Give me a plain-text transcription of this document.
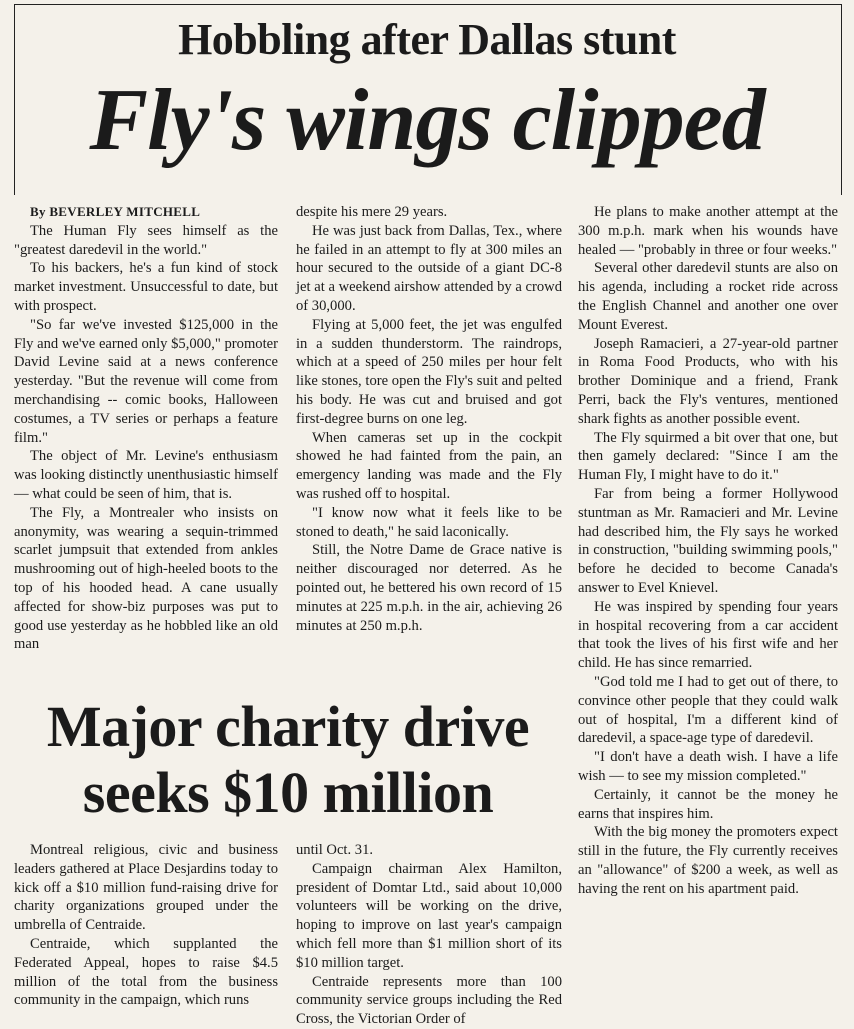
Hobbling after Dallas stunt
Fly's wings clipped

By BEVERLEY MITCHELL

The Human Fly sees himself as the "greatest daredevil in the world."

To his backers, he's a fun kind of stock market investment. Unsuccessful to date, but with prospect.

"So far we've invested $125,000 in the Fly and we've earned only $5,000," promoter David Levine said at a news conference yesterday. "But the revenue will come from merchandising -- comic books, Halloween costumes, a TV series or perhaps a feature film."

The object of Mr. Levine's enthusiasm was looking distinctly unenthusiastic himself — what could be seen of him, that is.

The Fly, a Montrealer who insists on anonymity, was wearing a sequin-trimmed scarlet jumpsuit that extended from ankles mushrooming out of high-heeled boots to the top of his hooded head. A cane usually affected for show-biz purposes was put to good use yesterday as he hobbled like an old man

despite his mere 29 years.

He was just back from Dallas, Tex., where he failed in an attempt to fly at 300 miles an hour secured to the outside of a giant DC-8 jet at a weekend airshow attended by a crowd of 30,000.

Flying at 5,000 feet, the jet was engulfed in a sudden thunderstorm. The raindrops, which at a speed of 250 miles per hour felt like stones, tore open the Fly's suit and pelted his body. He was cut and bruised and got first-degree burns on one leg.

When cameras set up in the cockpit showed he had fainted from the pain, an emergency landing was made and the Fly was rushed off to hospital.

"I know now what it feels like to be stoned to death," he said laconically.

Still, the Notre Dame de Grace native is neither discouraged nor deterred. As he pointed out, he bettered his own record of 15 minutes at 225 m.p.h. in the air, achieving 26 minutes at 250 m.p.h.

He plans to make another attempt at the 300 m.p.h. mark when his wounds have healed — "probably in three or four weeks."

Several other daredevil stunts are also on his agenda, including a rocket ride across the English Channel and another one over Mount Everest.

Joseph Ramacieri, a 27-year-old partner in Roma Food Products, who with his brother Dominique and a friend, Frank Perri, back the Fly's ventures, mentioned shark fights as another possible event.

The Fly squirmed a bit over that one, but then gamely declared: "Since I am the Human Fly, I might have to do it."

Far from being a former Hollywood stuntman as Mr. Ramacieri and Mr. Levine had described him, the Fly says he worked in construction, "building swimming pools," before he decided to become Canada's answer to Evel Knievel.

He was inspired by spending four years in hospital recovering from a car accident that took the lives of his first wife and her child. He has since remarried.

"God told me I had to get out of there, to convince other people that they could walk out of hospital, I'm a different kind of daredevil, a space-age type of daredevil.

"I don't have a death wish. I have a life wish — to see my mission completed."

Certainly, it cannot be the money he earns that inspires him.

With the big money the promoters expect still in the future, the Fly currently receives an "allowance" of $200 a week, as well as having the rent on his apartment paid.

Major charity drive
seeks $10 million

Montreal religious, civic and business leaders gathered at Place Desjardins today to kick off a $10 million fund-raising drive for charity organizations grouped under the umbrella of Centraide.

Centraide, which supplanted the Federated Appeal, hopes to raise $4.5 million of the total from the business community in the campaign, which runs

until Oct. 31.

Campaign chairman Alex Hamilton, president of Domtar Ltd., said about 10,000 volunteers will be working on the drive, hoping to improve on last year's campaign which fell more than $1 million short of its $10 million target.

Centraide represents more than 100 community service groups including the Red Cross, the Victorian Order of
